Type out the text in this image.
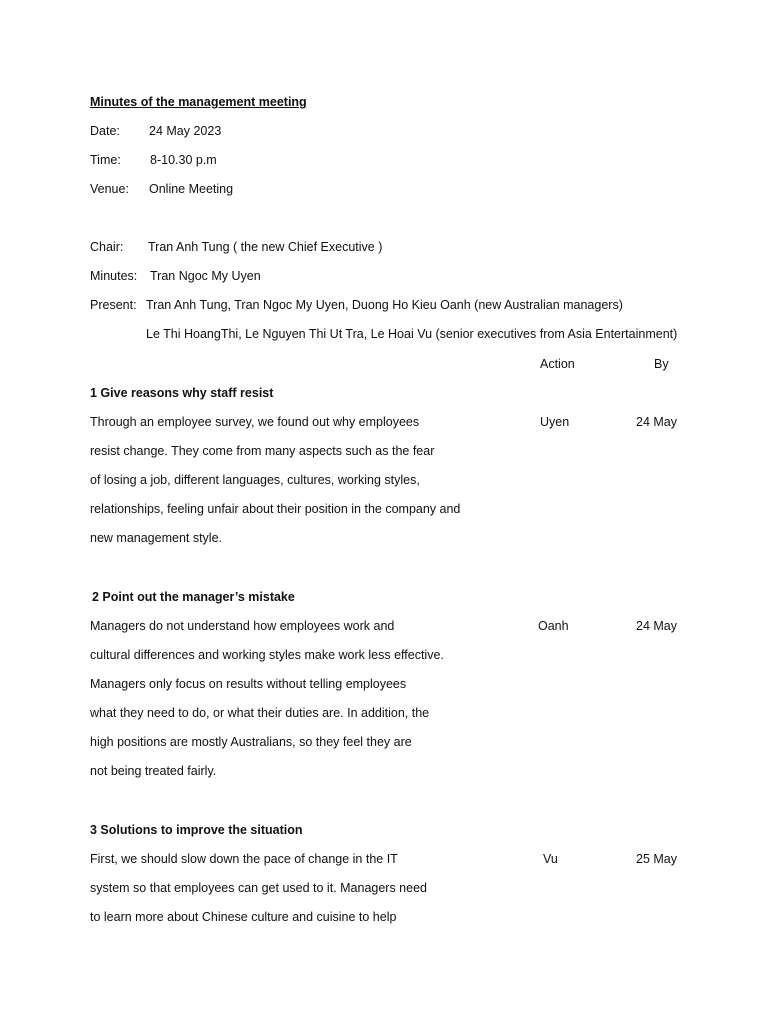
Minutes of the management meeting
Date: 24 May 2023
Time: 8-10.30 p.m
Venue: Online Meeting
Chair: Tran Anh Tung ( the new Chief Executive )
Minutes: Tran Ngoc My Uyen
Present: Tran Anh Tung, Tran Ngoc My Uyen, Duong Ho Kieu Oanh (new Australian managers)
Le Thi HoangThi, Le Nguyen Thi Ut Tra, Le Hoai Vu (senior executives from Asia Entertainment)
Action	By
1 Give reasons why staff resist
Through an employee survey, we found out why employees	Uyen	24 May
resist change. They come from many aspects such as the fear
of losing a job, different languages, cultures, working styles,
relationships, feeling unfair about their position in the company and
new management style.
2 Point out the manager’s mistake
Managers do not understand how employees work and	Oanh	24 May
cultural differences and working styles make work less effective.
Managers only focus on results without telling employees
what they need to do, or what their duties are. In addition, the
high positions are mostly Australians, so they feel they are
not being treated fairly.
3 Solutions to improve the situation
First, we should slow down the pace of change in the IT	Vu	25 May
system so that employees can get used to it. Managers need
to learn more about Chinese culture and cuisine to help
